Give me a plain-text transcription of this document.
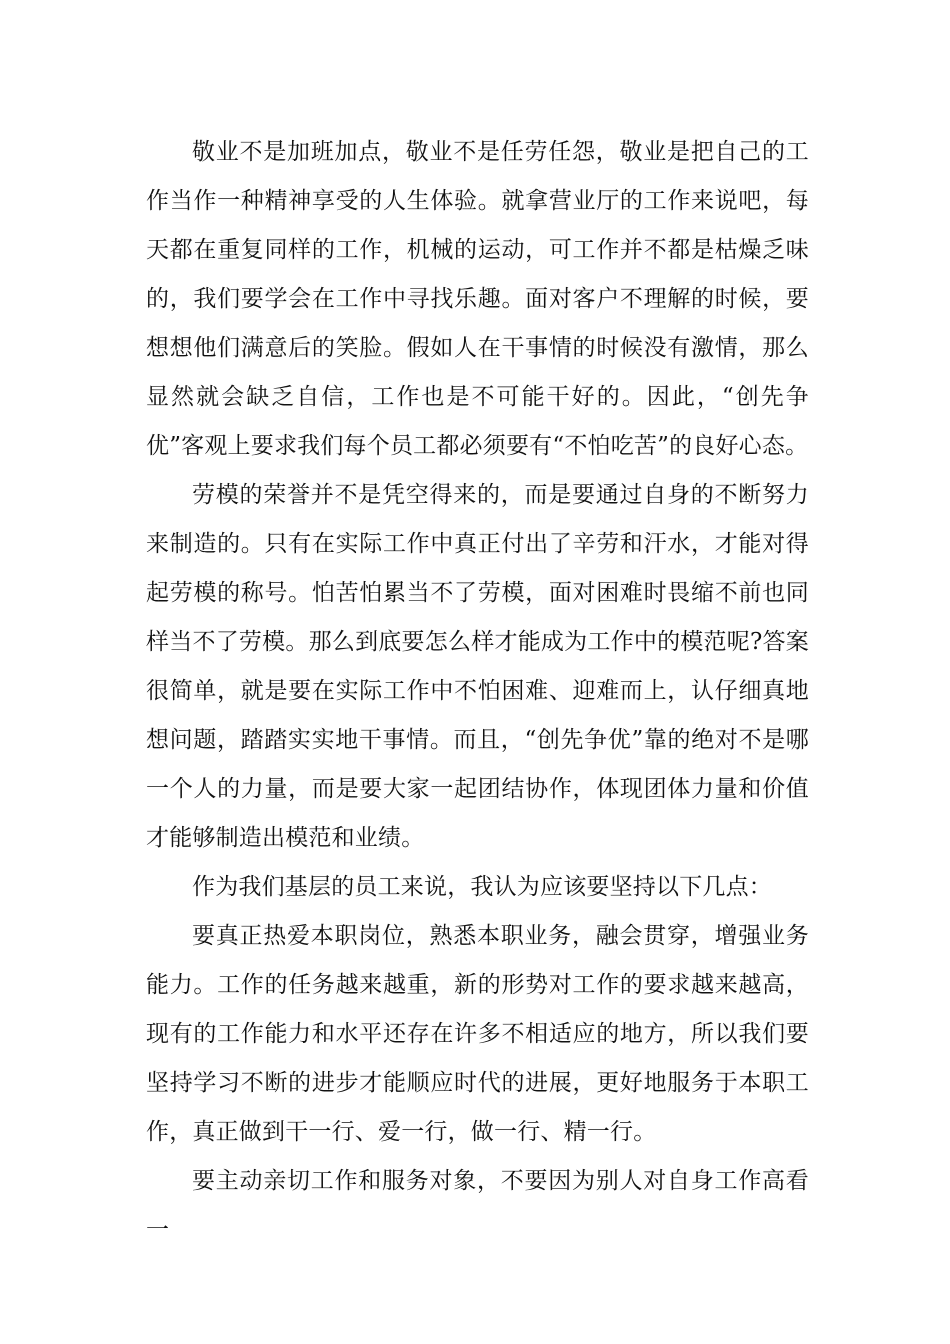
敬业不是加班加点，敬业不是任劳任怨，敬业是把自己的工作当作一种精神享受的人生体验。就拿营业厅的工作来说吧，每天都在重复同样的工作，机械的运动，可工作并不都是枯燥乏味的，我们要学会在工作中寻找乐趣。面对客户不理解的时候，要想想他们满意后的笑脸。假如人在干事情的时候没有激情，那么显然就会缺乏自信，工作也是不可能干好的。因此，“创先争优”客观上要求我们每个员工都必须要有“不怕吃苦”的良好心态。

劳模的荣誉并不是凭空得来的，而是要通过自身的不断努力来制造的。只有在实际工作中真正付出了辛劳和汗水，才能对得起劳模的称号。怕苦怕累当不了劳模，面对困难时畏缩不前也同样当不了劳模。那么到底要怎么样才能成为工作中的模范呢?答案很简单，就是要在实际工作中不怕困难、迎难而上，认仔细真地想问题，踏踏实实地干事情。而且，“创先争优”靠的绝对不是哪一个人的力量，而是要大家一起团结协作，体现团体力量和价值才能够制造出模范和业绩。

作为我们基层的员工来说，我认为应该要坚持以下几点：

要真正热爱本职岗位，熟悉本职业务，融会贯穿，增强业务能力。工作的任务越来越重，新的形势对工作的要求越来越高，现有的工作能力和水平还存在许多不相适应的地方，所以我们要坚持学习不断的进步才能顺应时代的进展，更好地服务于本职工作，真正做到干一行、爱一行，做一行、精一行。

要主动亲切工作和服务对象，不要因为别人对自身工作高看一
